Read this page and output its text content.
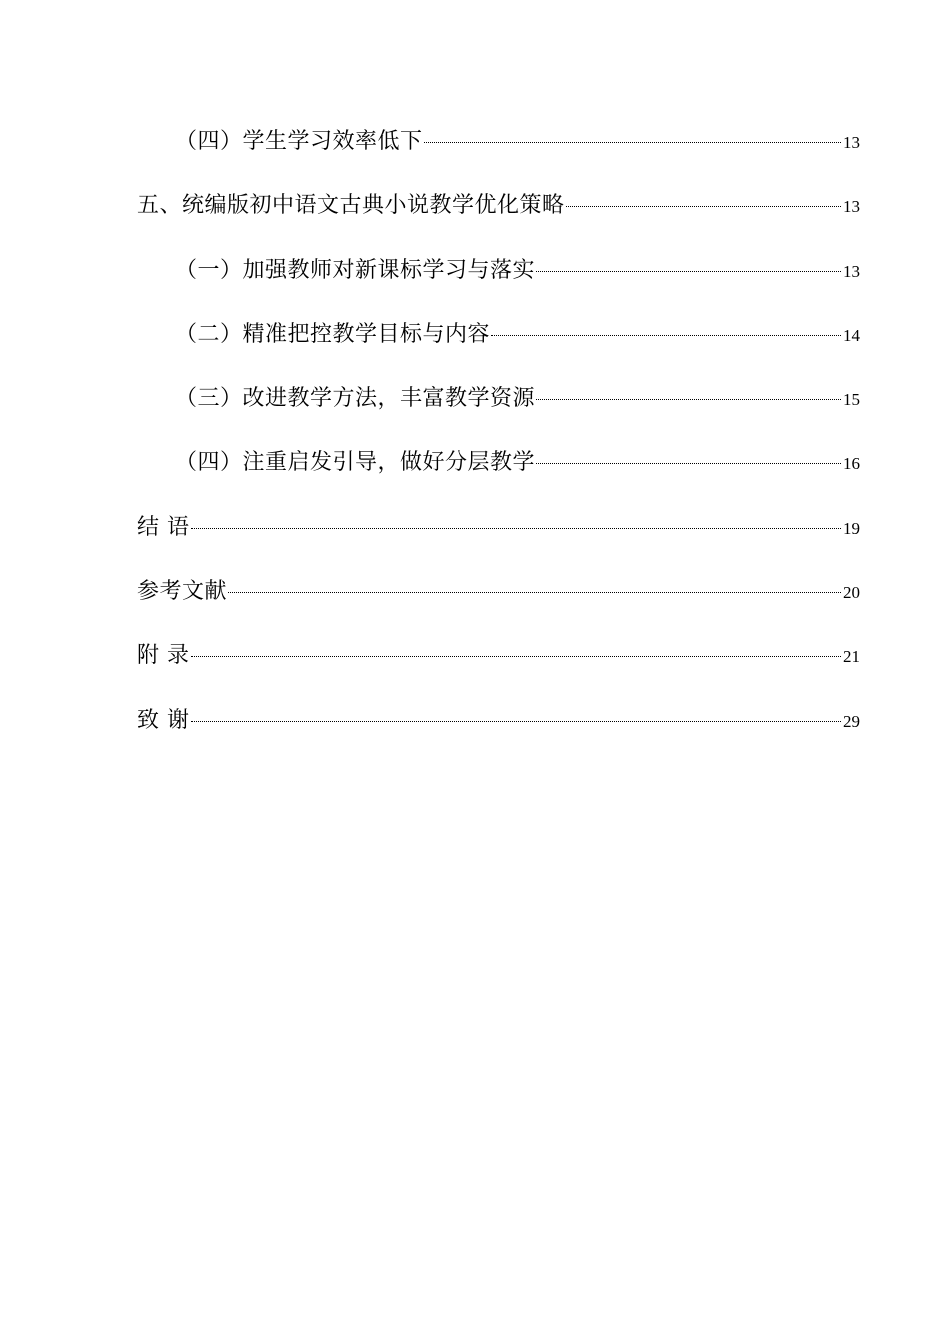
（四）学生学习效率低下	13
五、统编版初中语文古典小说教学优化策略	13
（一）加强教师对新课标学习与落实	13
（二）精准把控教学目标与内容	14
（三）改进教学方法，丰富教学资源	15
（四）注重启发引导，做好分层教学	16
结 语	19
参考文献	20
附 录	21
致 谢	29
